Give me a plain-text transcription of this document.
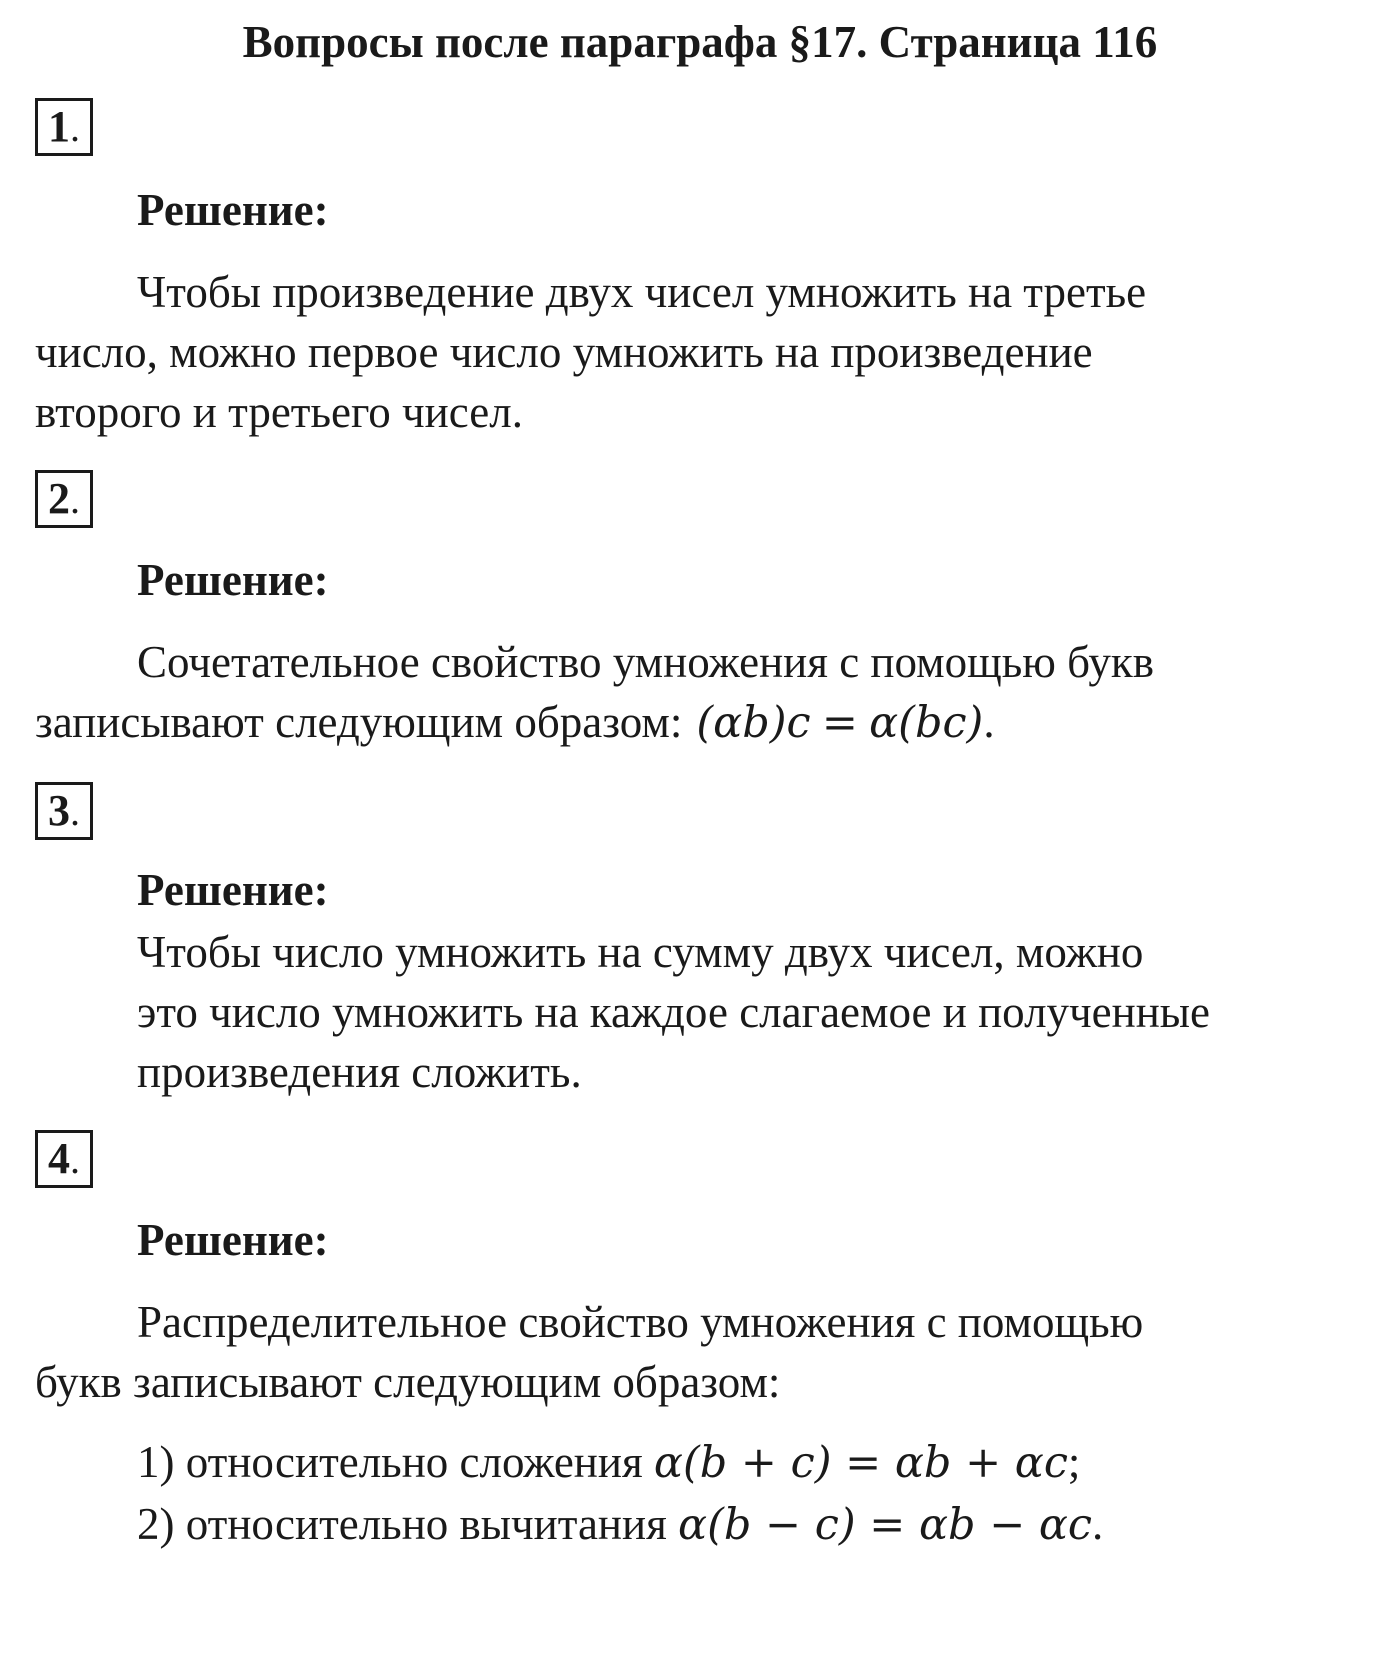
Вопросы после параграфа §17. Страница 116
1.
Решение:
Чтобы произведение двух чисел умножить на третье
число, можно первое число умножить на произведение
второго и третьего чисел.
2.
Решение:
Сочетательное свойство умножения с помощью букв
записывают следующим образом: (αb)c = α(bc).
3.
Решение:
Чтобы число умножить на сумму двух чисел, можно
это число умножить на каждое слагаемое и полученные
произведения сложить.
4.
Решение:
Распределительное свойство умножения с помощью
букв записывают следующим образом:
1) относительно сложения α(b + c) = αb + αc;
2) относительно вычитания α(b − c) = αb − αc.
